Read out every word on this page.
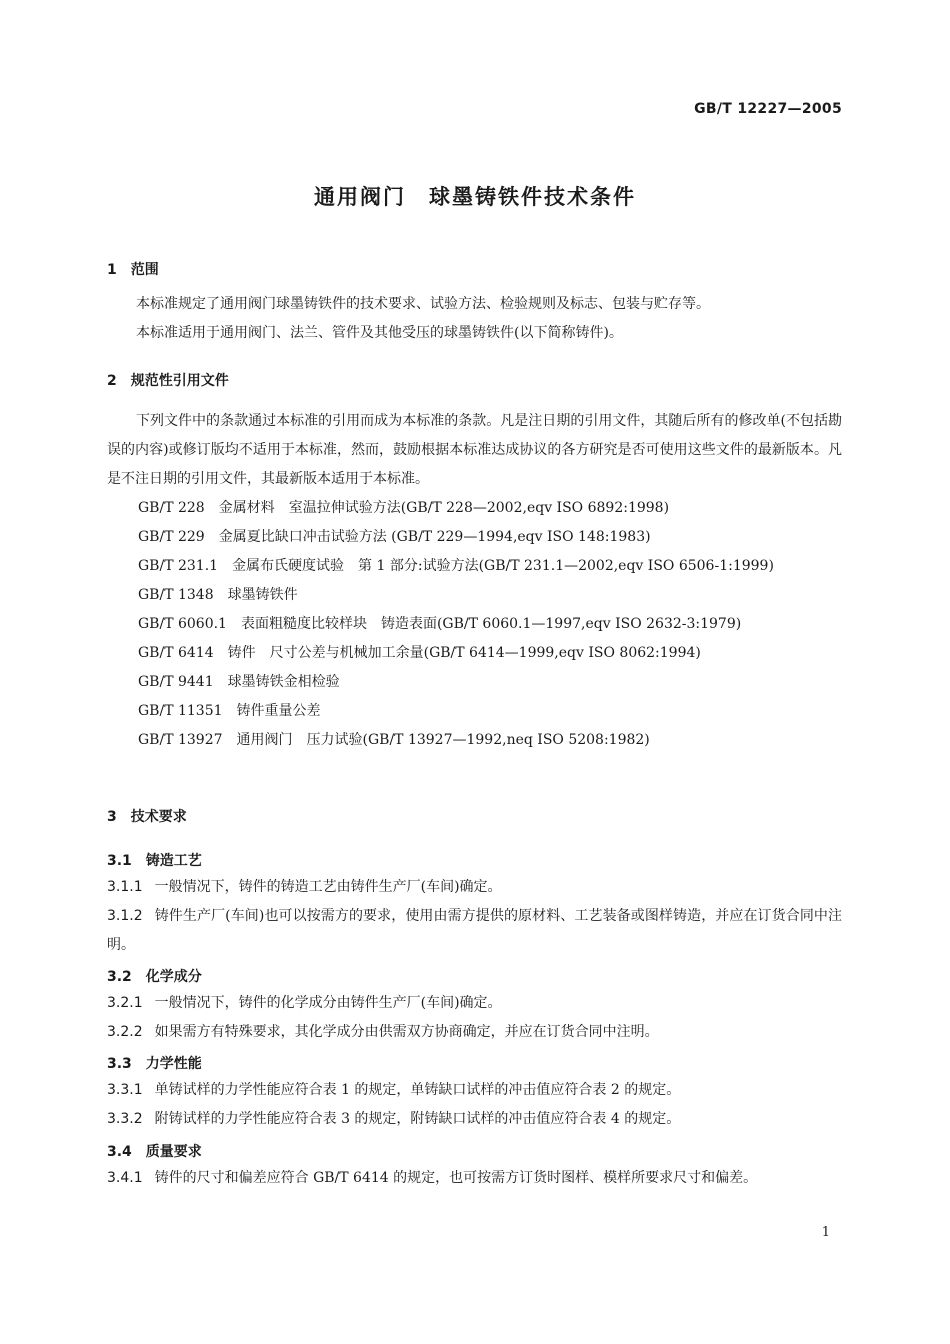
GB/T 12227—2005
通用阀门　球墨铸铁件技术条件
1　范围

本标准规定了通用阀门球墨铸铁件的技术要求、试验方法、检验规则及标志、包装与贮存等。

本标准适用于通用阀门、法兰、管件及其他受压的球墨铸铁件(以下简称铸件)。

2　规范性引用文件

下列文件中的条款通过本标准的引用而成为本标准的条款。凡是注日期的引用文件，其随后所有的修改单(不包括勘误的内容)或修订版均不适用于本标准，然而，鼓励根据本标准达成协议的各方研究是否可使用这些文件的最新版本。凡是不注日期的引用文件，其最新版本适用于本标准。

GB/T 228 金属材料　室温拉伸试验方法(GB/T 228—2002,eqv ISO 6892:1998)
GB/T 229 金属夏比缺口冲击试验方法 (GB/T 229—1994,eqv ISO 148:1983)
GB/T 231.1 金属布氏硬度试验　第 1 部分:试验方法(GB/T 231.1—2002,eqv ISO 6506-1:1999)
GB/T 1348 球墨铸铁件
GB/T 6060.1 表面粗糙度比较样块　铸造表面(GB/T 6060.1—1997,eqv ISO 2632-3:1979)
GB/T 6414 铸件　尺寸公差与机械加工余量(GB/T 6414—1999,eqv ISO 8062:1994)
GB/T 9441 球墨铸铁金相检验
GB/T 11351 铸件重量公差
GB/T 13927 通用阀门　压力试验(GB/T 13927—1992,neq ISO 5208:1982)
3　技术要求
3.1　铸造工艺

3.1.1 一般情况下，铸件的铸造工艺由铸件生产厂(车间)确定。

3.1.2 铸件生产厂(车间)也可以按需方的要求，使用由需方提供的原材料、工艺装备或图样铸造，并应在订货合同中注明。

3.2　化学成分

3.2.1 一般情况下，铸件的化学成分由铸件生产厂(车间)确定。

3.2.2 如果需方有特殊要求，其化学成分由供需双方协商确定，并应在订货合同中注明。

3.3　力学性能

3.3.1 单铸试样的力学性能应符合表 1 的规定，单铸缺口试样的冲击值应符合表 2 的规定。

3.3.2 附铸试样的力学性能应符合表 3 的规定，附铸缺口试样的冲击值应符合表 4 的规定。

3.4　质量要求

3.4.1 铸件的尺寸和偏差应符合 GB/T 6414 的规定，也可按需方订货时图样、模样所要求尺寸和偏差。

1
